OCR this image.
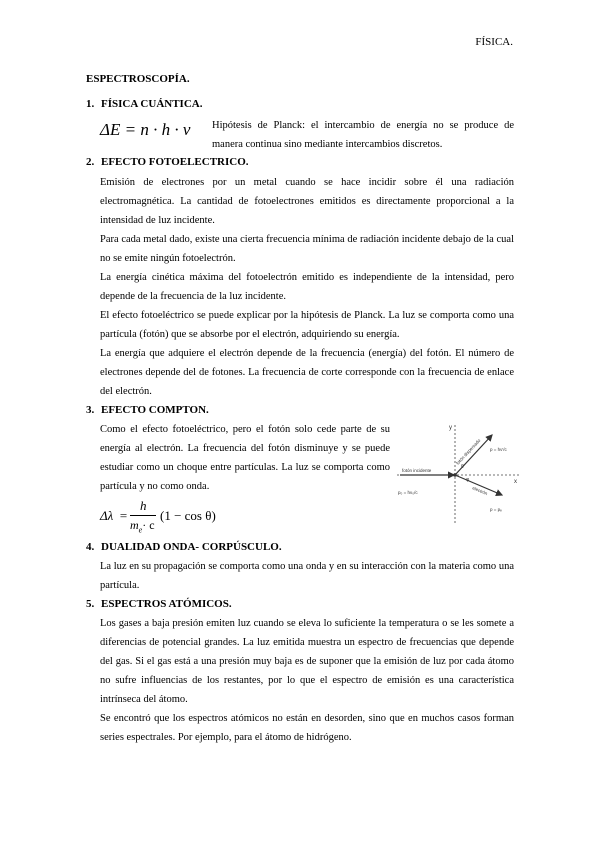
FÍSICA.
ESPECTROSCOPÍA.
1. FÍSICA CUÁNTICA.
ΔE = n · h · ν Hipótesis de Planck: el intercambio de energía no se produce de manera continua sino mediante intercambios discretos.
2. EFECTO FOTOELECTRICO.
Emisión de electrones por un metal cuando se hace incidir sobre él una radiación electromagnética. La cantidad de fotoelectrones emitidos es directamente proporcional a la intensidad de luz incidente.
Para cada metal dado, existe una cierta frecuencia mínima de radiación incidente debajo de la cual no se emite ningún fotoelectrón.
La energía cinética máxima del fotoelectrón emitido es independiente de la intensidad, pero depende de la frecuencia de la luz incidente.
El efecto fotoeléctrico se puede explicar por la hipótesis de Planck. La luz se comporta como una partícula (fotón) que se absorbe por el electrón, adquiriendo su energía.
La energía que adquiere el electrón depende de la frecuencia (energía) del fotón. El número de electrones depende del de fotones. La frecuencia de corte corresponde con la frecuencia de enlace del electrón.
3. EFECTO COMPTON.
Como el efecto fotoeléctrico, pero el fotón solo cede parte de su energía al electrón. La frecuencia del fotón disminuye y se puede estudiar como un choque entre partículas. La luz se comporta como partícula y no como onda.
Δλ =
h
$m_e\cdot c$
(1 − cos θ)
y
x
fotón incidente
p₀ = hν₀/c
fotón dispersado p = hν′/c
θ
electrón
φ
p = pₑ
4. DUALIDAD ONDA- CORPÚSCULO.
La luz en su propagación se comporta como una onda y en su interacción con la materia como una partícula.
5. ESPECTROS ATÓMICOS.
Los gases a baja presión emiten luz cuando se eleva lo suficiente la temperatura o se les somete a diferencias de potencial grandes. La luz emitida muestra un espectro de frecuencias que depende del gas. Si el gas está a una presión muy baja es de suponer que la emisión de luz por cada átomo no sufre influencias de los restantes, por lo que el espectro de emisión es una característica intrínseca del átomo.
Se encontró que los espectros atómicos no están en desorden, sino que en muchos casos forman series espectrales. Por ejemplo, para el átomo de hidrógeno.
